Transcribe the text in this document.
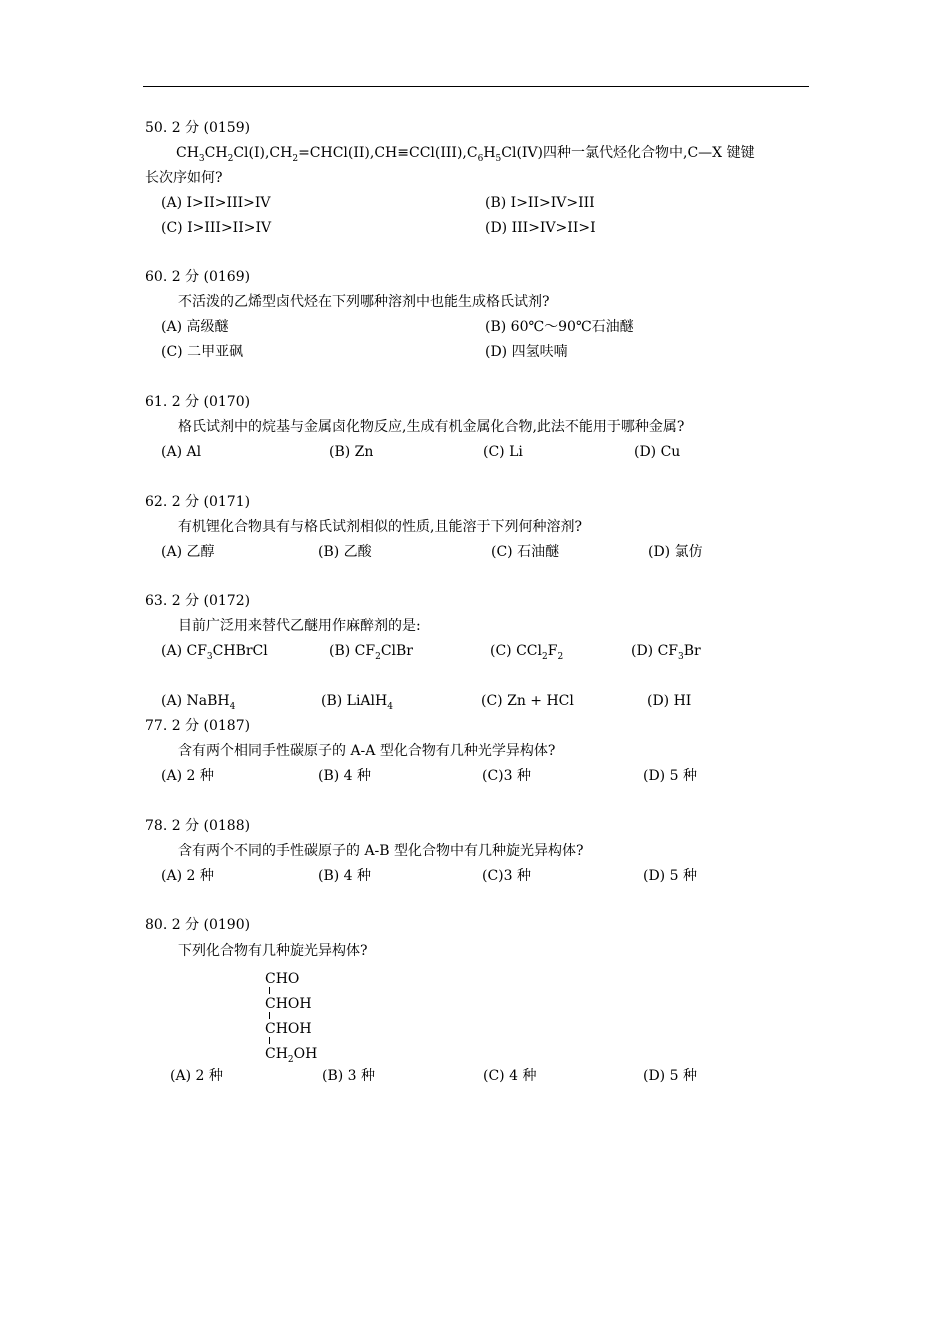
50. 2 分 (0159)
$CH_3CH_2Cl(I),CH_2=CHCl(II),CH\equiv CCl(III),C_6H_5Cl(IV)$四种一氯代烃化合物中,C—X 键键
长次序如何?
(A) I>II>III>IV	(B) I>II>IV>III
(C) I>III>II>IV	(D) III>IV>II>I
60. 2 分 (0169)
不活泼的乙烯型卤代烃在下列哪种溶剂中也能生成格氏试剂?
(A) 高级醚	(B) 60℃～90℃石油醚
(C) 二甲亚砜	(D) 四氢呋喃
61. 2 分 (0170)
格氏试剂中的烷基与金属卤化物反应,生成有机金属化合物,此法不能用于哪种金属?
(A) Al	(B) Zn	(C) Li	(D) Cu
62. 2 分 (0171)
有机锂化合物具有与格氏试剂相似的性质,且能溶于下列何种溶剂?
(A) 乙醇	(B) 乙酸	(C) 石油醚	(D) 氯仿
63. 2 分 (0172)
目前广泛用来替代乙醚用作麻醉剂的是:
(A) $CF_3CHBrCl$	(B) $CF_2ClBr$	(C) $CCl_2F_2$	(D) $CF_3Br$
(A) NaBH$_4$	(B) LiAlH$_4$	(C) Zn + HCl	(D) HI
77. 2 分 (0187)
含有两个相同手性碳原子的 A-A 型化合物有几种光学异构体?
(A) 2 种	(B) 4 种	(C)3 种	(D) 5 种
78. 2 分 (0188)
含有两个不同的手性碳原子的 A-B 型化合物中有几种旋光异构体?
(A) 2 种	(B) 4 种	(C)3 种	(D) 5 种
80. 2 分 (0190)
下列化合物有几种旋光异构体?
CHO
CHOH
CHOH
$CH_2OH$
(A) 2 种	(B) 3 种	(C) 4 种	(D) 5 种
